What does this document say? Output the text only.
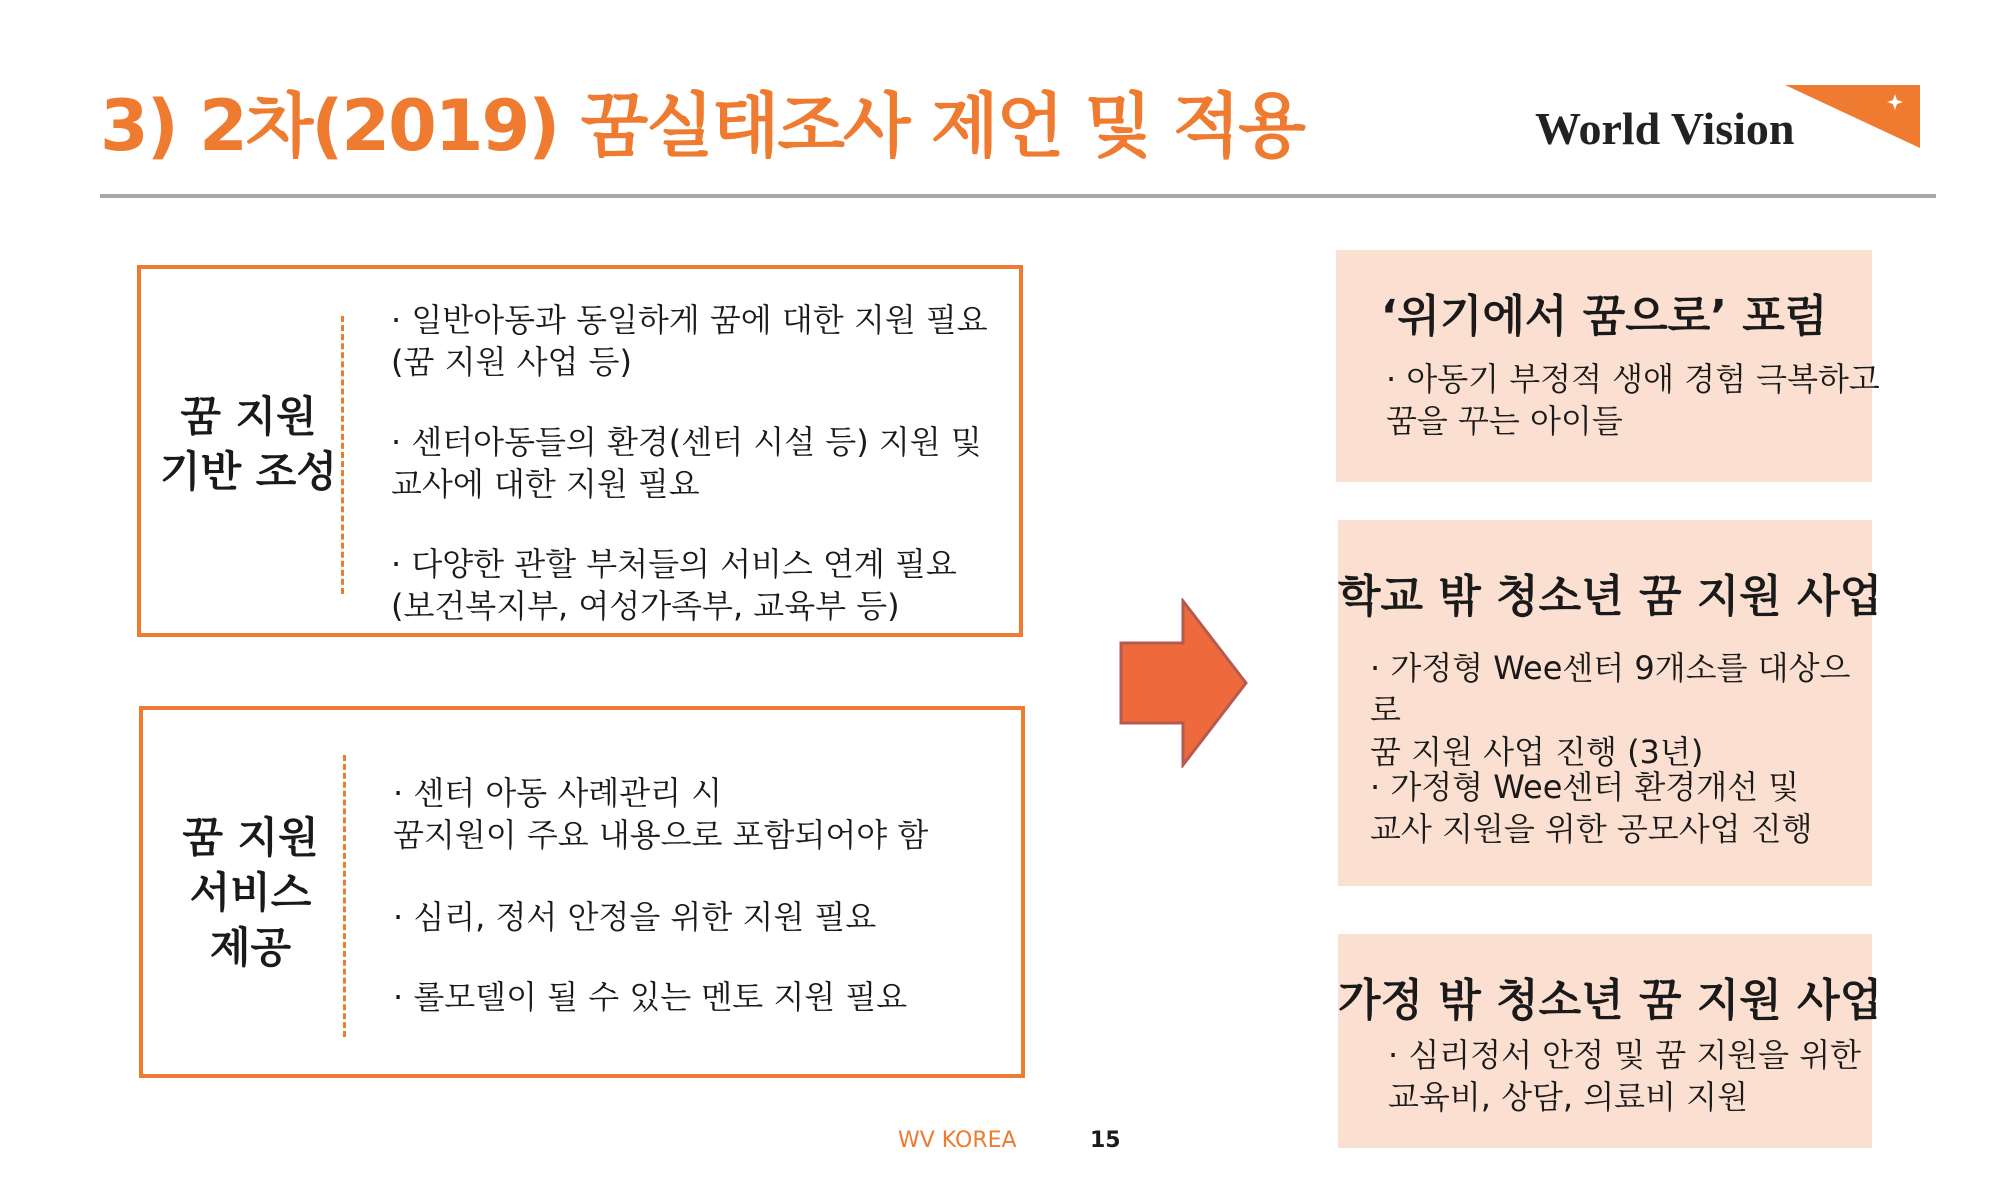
3) 2차(2019) 꿈실태조사 제언 및 적용	World Vision
꿈 지원
기반 조성
· 일반아동과 동일하게 꿈에 대한 지원 필요
(꿈 지원 사업 등)
· 센터아동들의 환경(센터 시설 등) 지원 및
교사에 대한 지원 필요
· 다양한 관할 부처들의 서비스 연계 필요
(보건복지부, 여성가족부, 교육부 등)
꿈 지원
서비스
제공
· 센터 아동 사례관리 시
꿈지원이 주요 내용으로 포함되어야 함
· 심리, 정서 안정을 위한 지원 필요
· 롤모델이 될 수 있는 멘토 지원 필요
‘위기에서 꿈으로’ 포럼
· 아동기 부정적 생애 경험 극복하고
꿈을 꾸는 아이들
학교 밖 청소년 꿈 지원 사업
· 가정형 Wee센터 9개소를 대상으로
꿈 지원 사업 진행 (3년)
· 가정형 Wee센터 환경개선 및
교사 지원을 위한 공모사업 진행
가정 밖 청소년 꿈 지원 사업
· 심리정서 안정 및 꿈 지원을 위한
교육비, 상담, 의료비 지원
WV KOREA	15
